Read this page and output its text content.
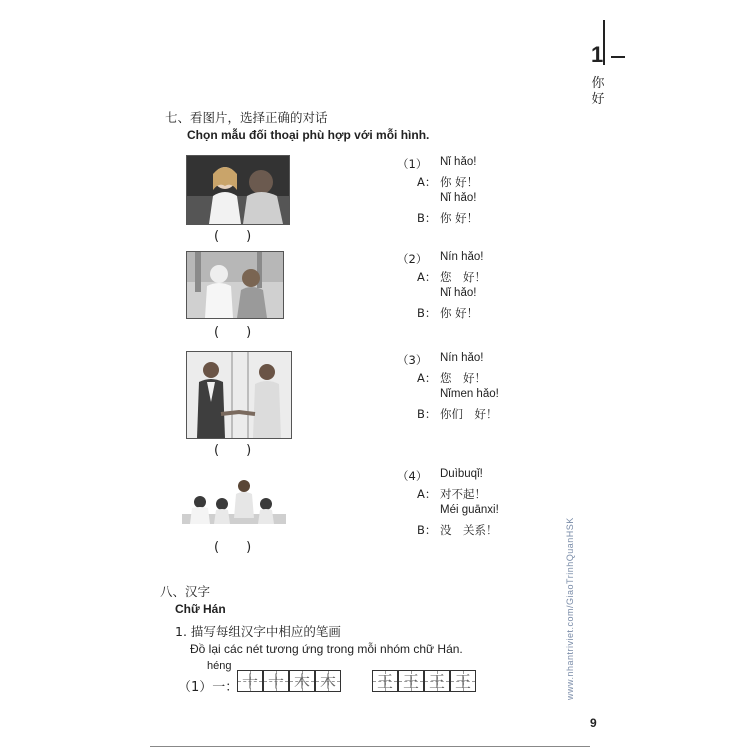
1
你好
七、看图片，选择正确的对话
Chọn mẫu đối thoại phù hợp với mỗi hình.
( )
( )
( )
( )
（1） Nǐ hǎo!
A： 你 好！
Nǐ hǎo!
B： 你 好！
（2） Nín hǎo!
A： 您　好！
Nǐ hǎo!
B： 你 好！
（3） Nín hǎo!
A： 您　好！
Nǐmen hǎo!
B： 你们　好！
（4） Duìbuqǐ!
A： 对不起！
Méi guānxi!
B： 没　关系！
八、汉字
Chữ Hán
1. 描写每组汉字中相应的笔画
Đồ lại các nét tương ứng trong mỗi nhóm chữ Hán.
héng
（1）一： 十 十 木 木	王 王 王 王	www.nhantriviet.com/GiaoTrinhQuanHSK
9
